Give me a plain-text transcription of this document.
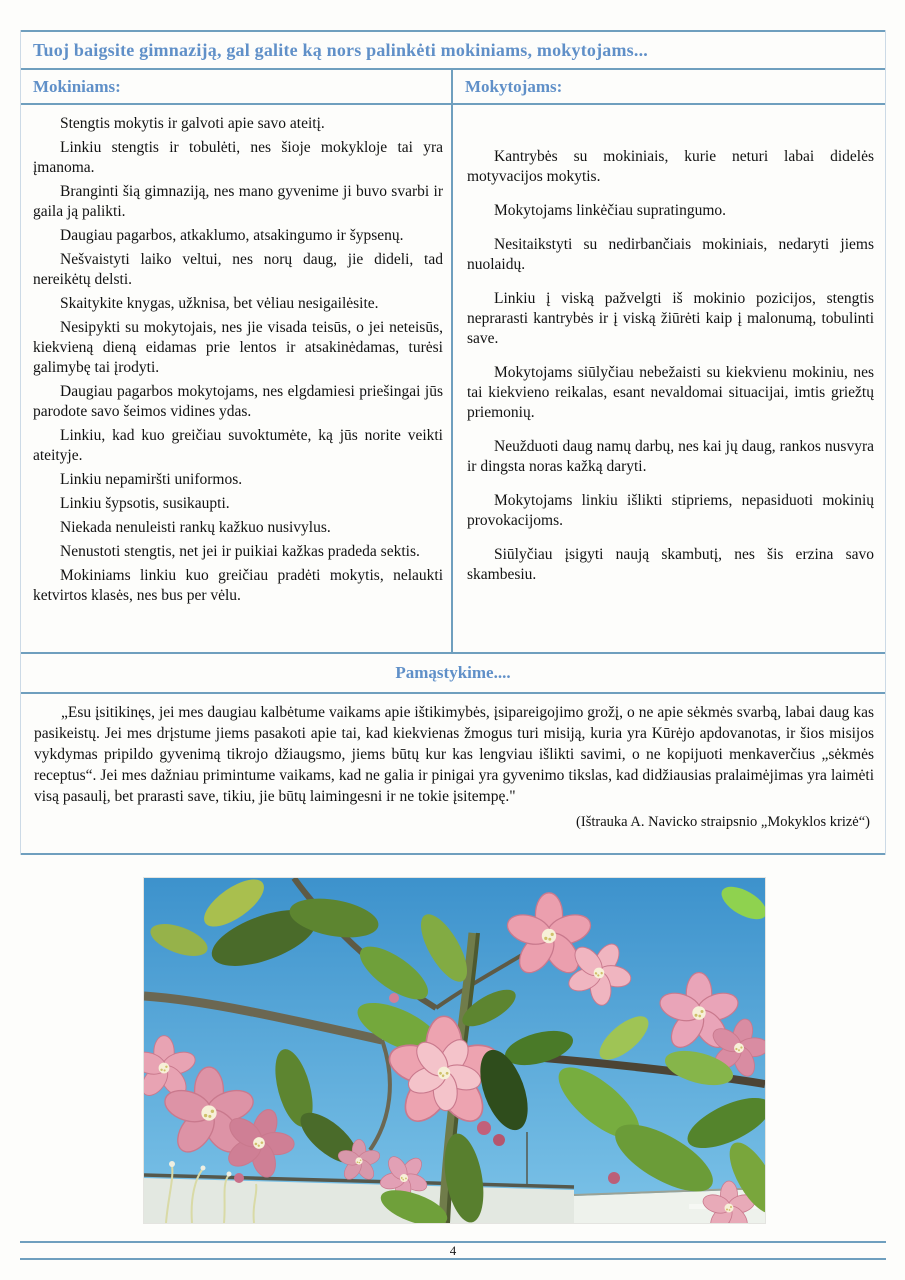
Tuoj baigsite gimnaziją, gal galite ką nors palinkėti mokiniams, mokytojams...
Mokiniams:	Mokytojams:

Stengtis mokytis ir galvoti apie savo ateitį.

Linkiu stengtis ir tobulėti, nes šioje mokykloje tai yra įmanoma.

Branginti šią gimnaziją, nes mano gyvenime ji buvo svarbi ir gaila ją palikti.

Daugiau pagarbos, atkaklumo, atsakingumo ir šypsenų.

Nešvaistyti laiko veltui, nes norų daug, jie dideli, tad nereikėtų delsti.

Skaitykite knygas, užknisa, bet vėliau nesigailėsite.

Nesipykti su mokytojais, nes jie visada teisūs, o jei neteisūs, kiekvieną dieną eidamas prie lentos ir atsakinėdamas, turėsi galimybę tai įrodyti.

Daugiau pagarbos mokytojams, nes elgdamiesi priešingai jūs parodote savo šeimos vidines ydas.

Linkiu, kad kuo greičiau suvoktumėte, ką jūs norite veikti ateityje.

Linkiu nepamiršti uniformos.

Linkiu šypsotis, susikaupti.

Niekada nenuleisti rankų kažkuo nusivylus.

Nenustoti stengtis, net jei ir puikiai kažkas pradeda sektis.

Mokiniams linkiu kuo greičiau pradėti mokytis, nelaukti ketvirtos klasės, nes bus per vėlu.

Kantrybės su mokiniais, kurie neturi labai didelės motyvacijos mokytis.

Mokytojams linkėčiau supratingumo.

Nesitaikstyti su nedirbančiais mokiniais, nedaryti jiems nuolaidų.

Linkiu į viską pažvelgti iš mokinio pozicijos, stengtis neprarasti kantrybės ir į viską žiūrėti kaip į malonumą, tobulinti save.

Mokytojams siūlyčiau nebežaisti su kiekvienu mokiniu, nes tai kiekvieno reikalas, esant nevaldomai situacijai, imtis griežtų priemonių.

Neužduoti daug namų darbų, nes kai jų daug, rankos nusvyra ir dingsta noras kažką daryti.

Mokytojams linkiu išlikti stipriems, nepasiduoti mokinių provokacijoms.

Siūlyčiau įsigyti naują skambutį, nes šis erzina savo skambesiu.

Pamąstykime....

„Esu įsitikinęs, jei mes daugiau kalbėtume vaikams apie ištikimybės, įsipareigojimo grožį, o ne apie sėkmės svarbą, labai daug kas pasikeistų. Jei mes drįstume jiems pasakoti apie tai, kad kiekvienas žmogus turi misiją, kuria yra Kūrėjo apdovanotas, ir šios misijos vykdymas pripildo gyvenimą tikrojo džiaugsmo, jiems būtų kur kas lengviau išlikti savimi, o ne kopijuoti menkaverčius „sėkmės receptus“. Jei mes dažniau primintume vaikams, kad ne galia ir pinigai yra gyvenimo tikslas, kad didžiausias pralaimėjimas yra laimėti visą pasaulį, bet prarasti save, tikiu, jie būtų laimingesni ir ne tokie įsitempę."

(Ištrauka A. Navicko straipsnio „Mokyklos krizė“)

4
